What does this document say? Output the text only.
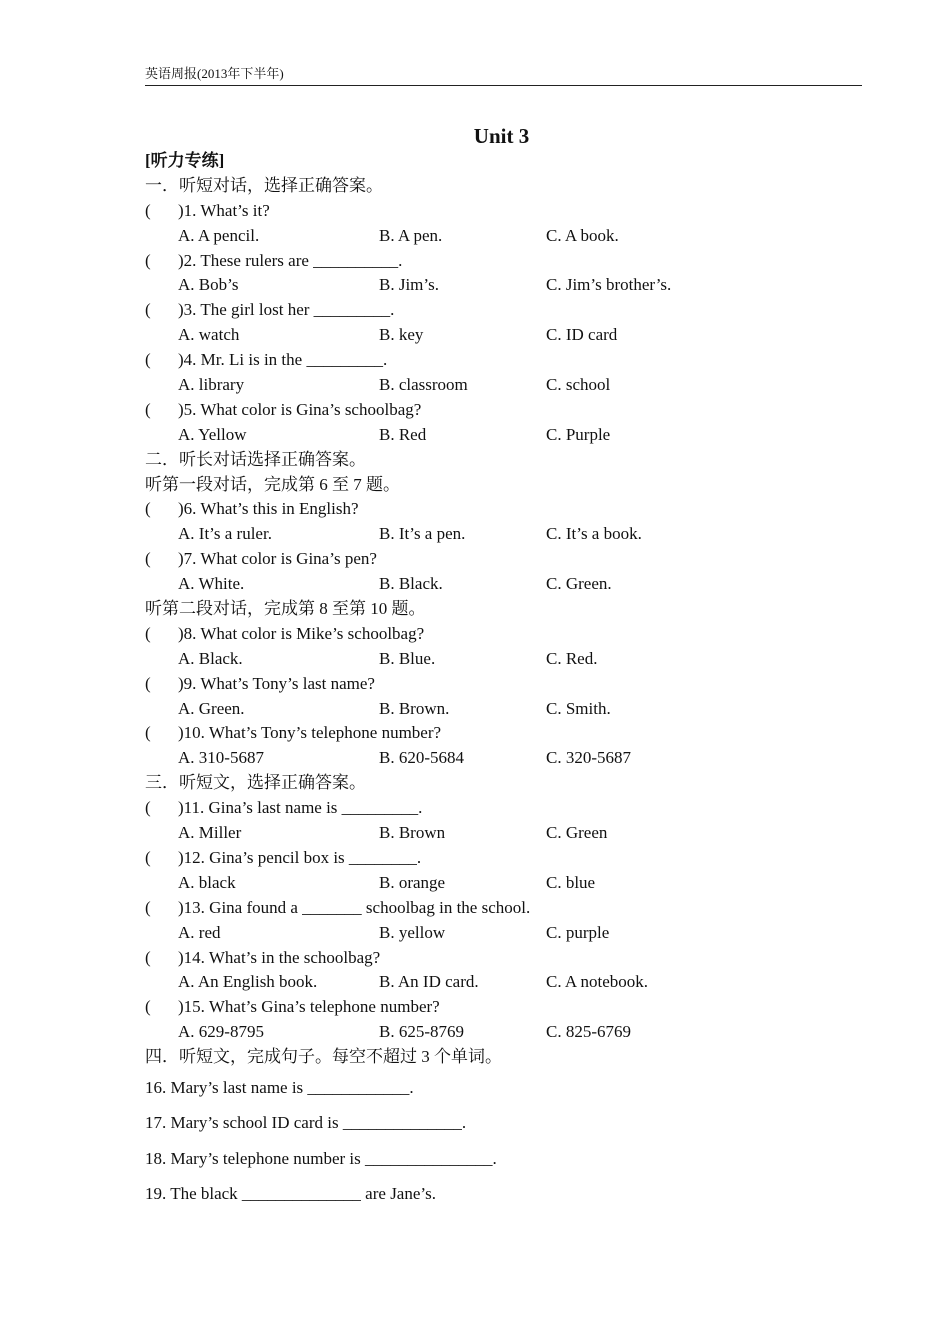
英语周报(2013年下半年)
Unit 3
[听力专练]
一．听短对话，选择正确答案。
(	)1. What’s it?
A. A pencil.	B. A pen.	C. A book.
(	)2. These rulers are __________.
A. Bob’s	B. Jim’s.	C. Jim’s brother’s.
(	)3. The girl lost her _________.
A. watch	B. key	C. ID card
(	)4. Mr. Li is in the _________.
A. library	B. classroom	C. school
(	)5. What color is Gina’s schoolbag?
A. Yellow	B. Red	C. Purple
二．听长对话选择正确答案。
听第一段对话，完成第 6 至 7 题。
(	)6. What’s this in English?
A. It’s a ruler.	B. It’s a pen.	C. It’s a book.
(	)7. What color is Gina’s pen?
A. White.	B. Black.	C. Green.
听第二段对话，完成第 8 至第 10 题。
(	)8. What color is Mike’s schoolbag?
A. Black.	B. Blue.	C. Red.
(	)9. What’s Tony’s last name?
A. Green.	B. Brown.	C. Smith.
(	)10. What’s Tony’s telephone number?
A. 310-5687	B. 620-5684	C. 320-5687
三．听短文，选择正确答案。
(	)11. Gina’s last name is _________.
A. Miller	B. Brown	C. Green
(	)12. Gina’s pencil box is ________.
A. black	B. orange	C. blue
(	)13. Gina found a _______ schoolbag in the school.
A. red	B. yellow	C. purple
(	)14. What’s in the schoolbag?
A. An English book.	B. An ID card.	C. A notebook.
(	)15. What’s Gina’s telephone number?
A. 629-8795	B. 625-8769	C. 825-6769
四．听短文，完成句子。每空不超过 3 个单词。
16. Mary’s last name is ____________.
17. Mary’s school ID card is ______________.
18. Mary’s telephone number is _______________.
19. The black ______________ are Jane’s.
